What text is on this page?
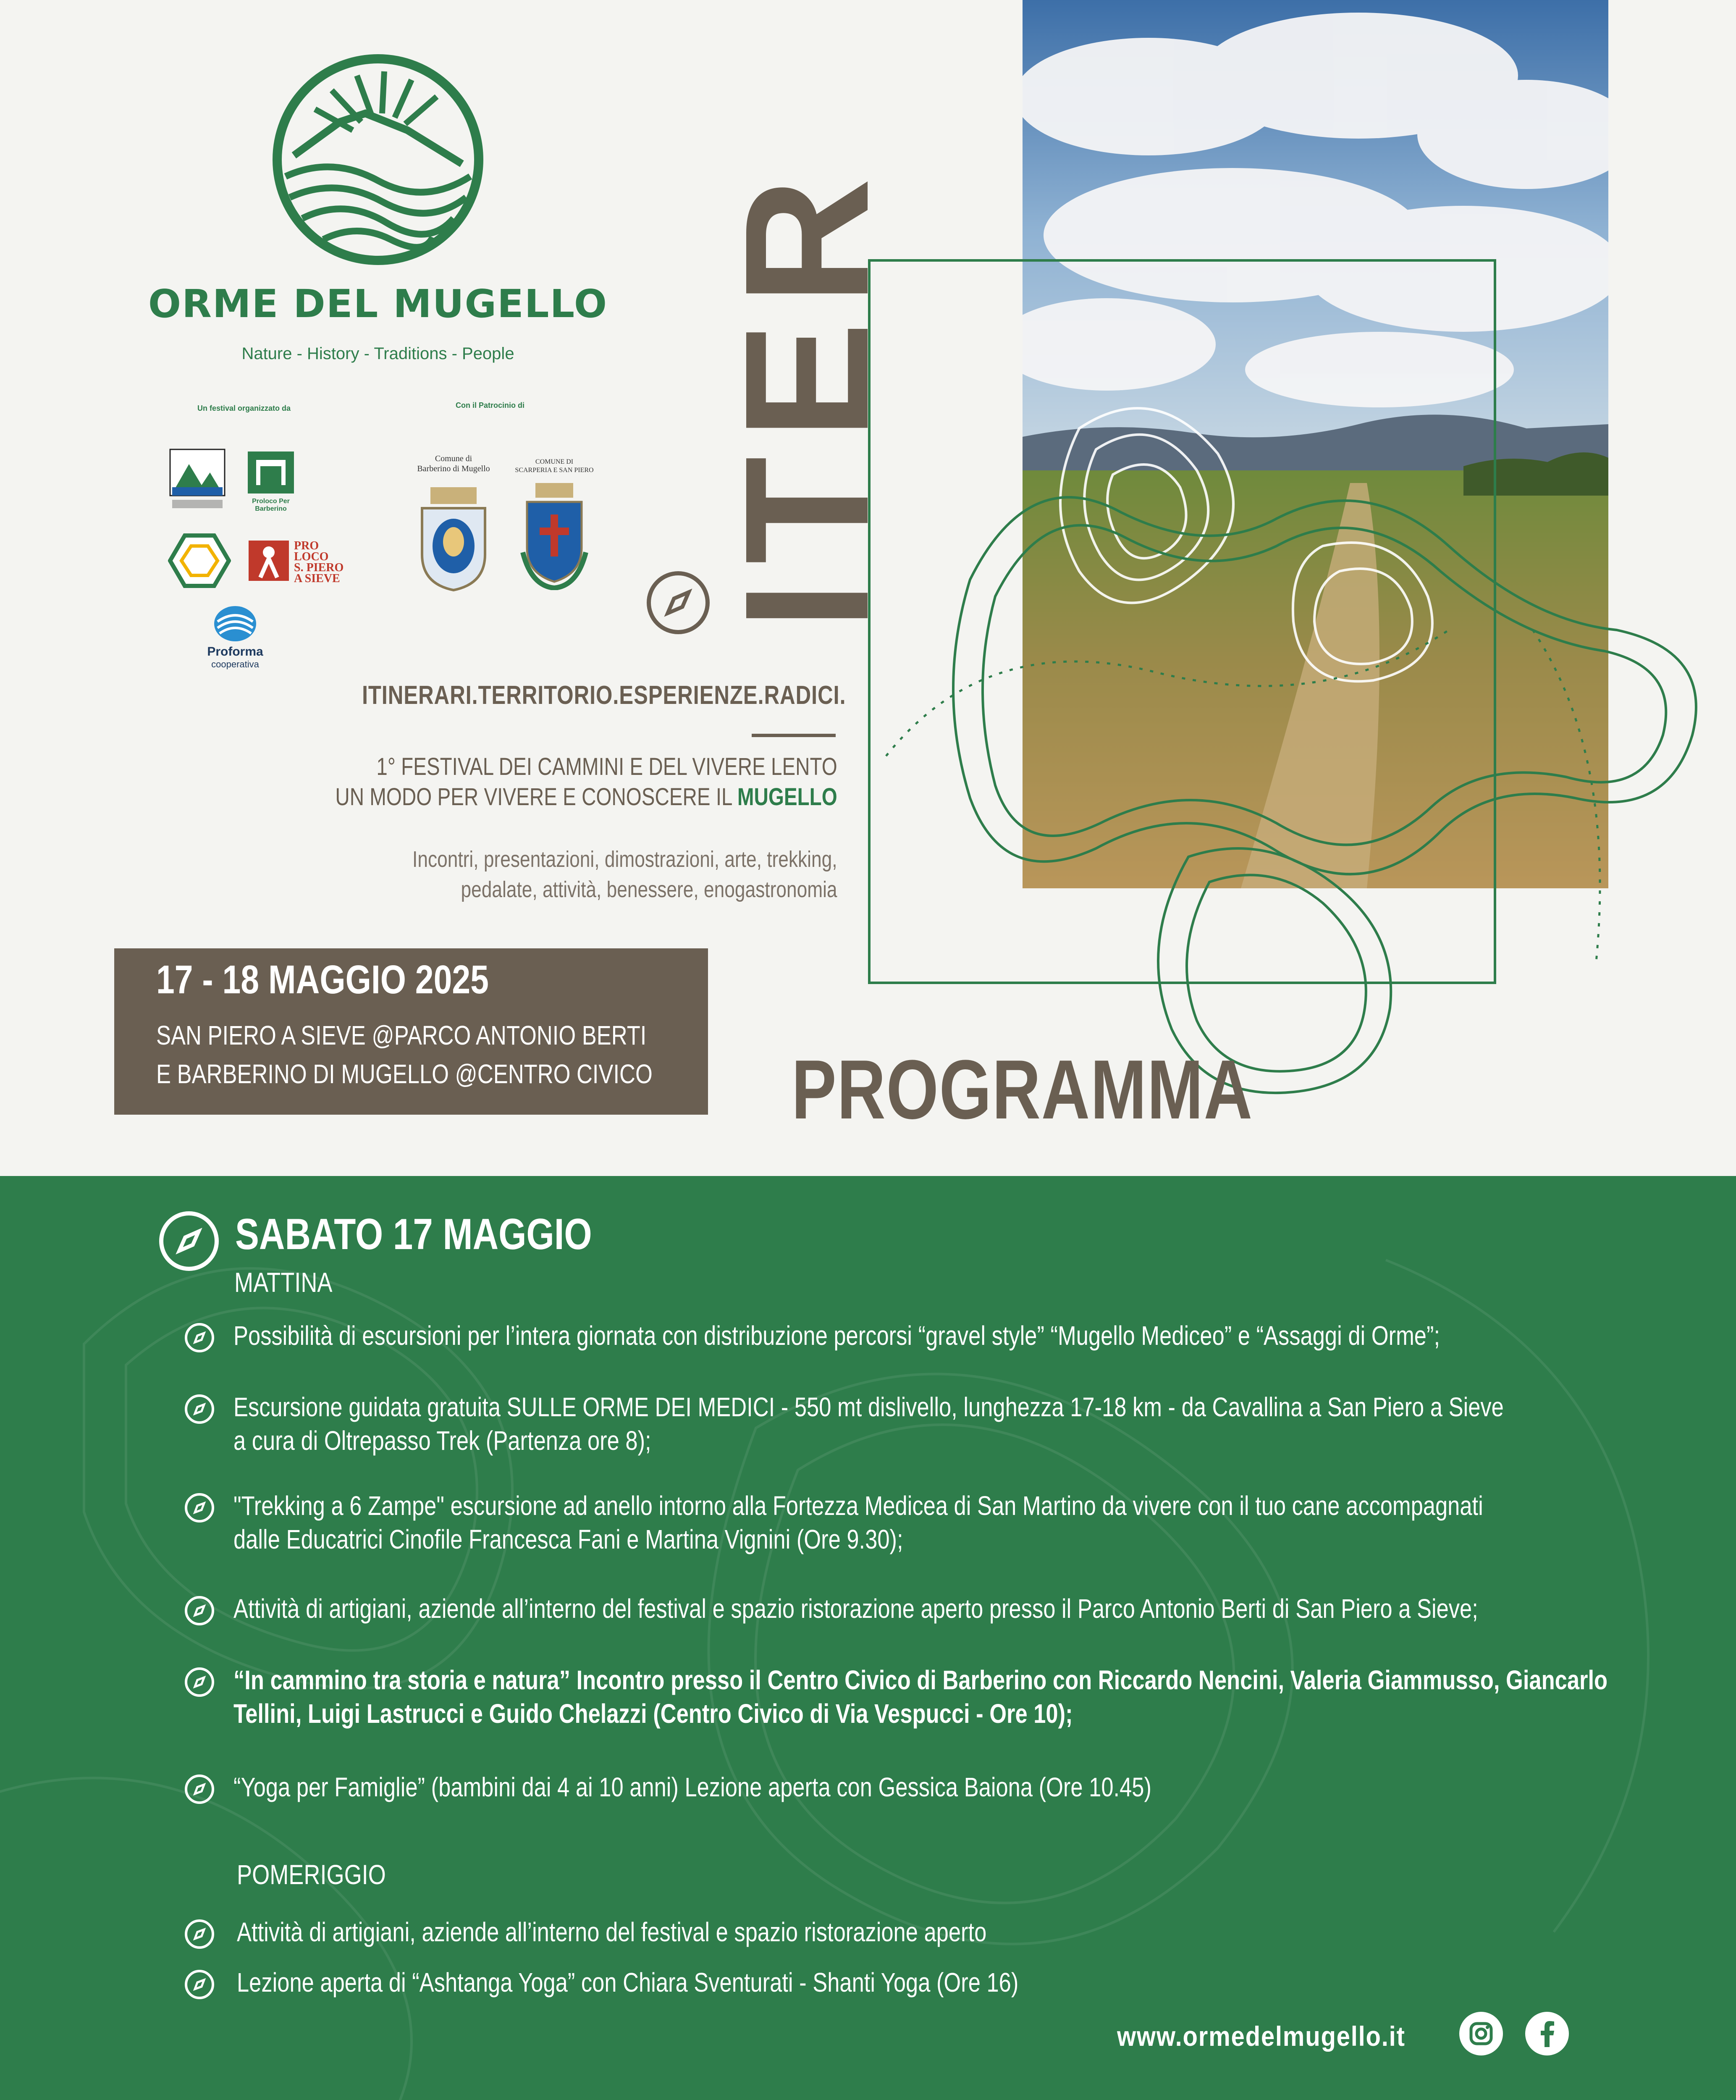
ORME DEL MUGELLO
Nature - History - Traditions - People
Un festival organizzato da	Con il Patrocinio di
Proloco Per Barberino
PRO
LOCO
S. PIERO
A SIEVE
Proforma
cooperativa
Comune di
Barberino di Mugello
COMUNE DI
SCARPERIA E SAN PIERO ITER
ITINERARI.TERRITORIO.ESPERIENZE.RADICI.
1° FESTIVAL DEI CAMMINI E DEL VIVERE LENTO
UN MODO PER VIVERE E CONOSCERE IL MUGELLO
Incontri, presentazioni, dimostrazioni, arte, trekking,
pedalate, attività, benessere, enogastronomia
17 - 18 MAGGIO 2025
SAN PIERO A SIEVE @PARCO ANTONIO BERTI
E BARBERINO DI MUGELLO @CENTRO CIVICO PROGRAMMA
SABATO 17 MAGGIO
MATTINA
Possibilità di escursioni per l’intera giornata con distribuzione percorsi “gravel style” “Mugello Mediceo” e “Assaggi di Orme”;
Escursione guidata gratuita SULLE ORME DEI MEDICI - 550 mt dislivello, lunghezza 17-18 km - da Cavallina a San Piero a Sieve
a cura di Oltrepasso Trek (Partenza ore 8);
"Trekking a 6 Zampe" escursione ad anello intorno alla Fortezza Medicea di San Martino da vivere con il tuo cane accompagnati
dalle Educatrici Cinofile Francesca Fani e Martina Vignini (Ore 9.30);
Attività di artigiani, aziende all’interno del festival e spazio ristorazione aperto presso il Parco Antonio Berti di San Piero a Sieve;
“In cammino tra storia e natura” Incontro presso il Centro Civico di Barberino con Riccardo Nencini, Valeria Giammusso, Giancarlo
Tellini, Luigi Lastrucci e Guido Chelazzi (Centro Civico di Via Vespucci - Ore 10);
“Yoga per Famiglie” (bambini dai 4 ai 10 anni) Lezione aperta con Gessica Baiona (Ore 10.45)
POMERIGGIO
Attività di artigiani, aziende all’interno del festival e spazio ristorazione aperto
Lezione aperta di “Ashtanga Yoga” con Chiara Sventurati - Shanti Yoga (Ore 16)
www.ormedelmugello.it
